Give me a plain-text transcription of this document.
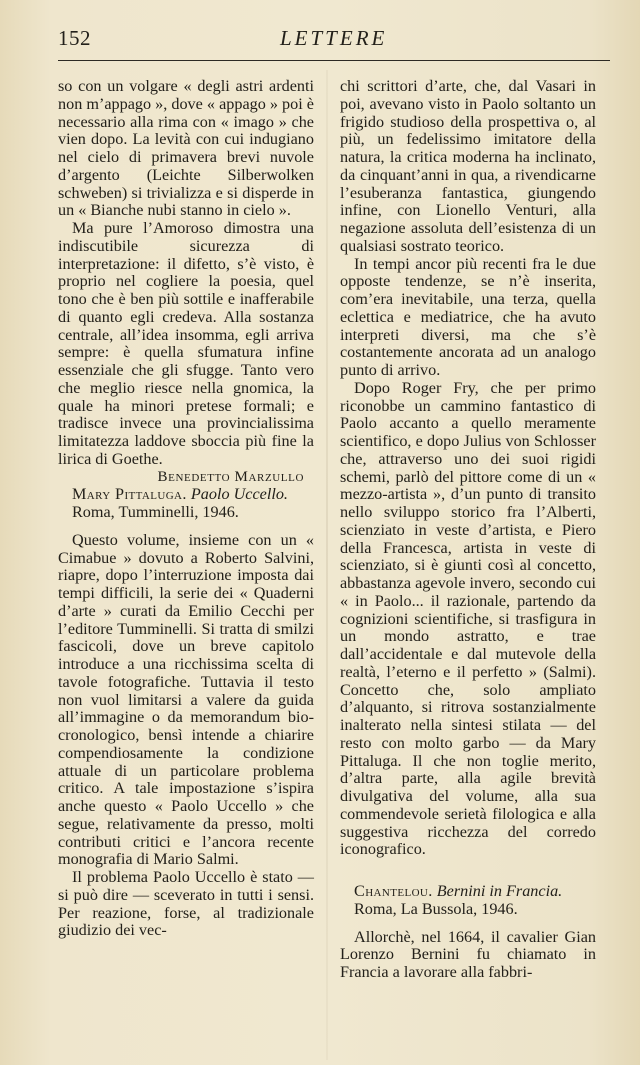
152	LETTERE

so con un volgare « degli astri ardenti non m’appago », dove « appago » poi è necessario alla rima con « imago » che vien dopo. La levità con cui indugiano nel cielo di primavera brevi nuvole d’argento (Leichte Silberwolken schweben) si trivializza e si disperde in un « Bianche nubi stanno in cielo ».

Ma pure l’Amoroso dimostra una indiscutibile sicurezza di interpretazione: il difetto, s’è visto, è proprio nel cogliere la poesia, quel tono che è ben più sottile e inafferabile di quanto egli credeva. Alla sostanza centrale, all’idea insomma, egli arriva sempre: è quella sfumatura infine essenziale che gli sfugge. Tanto vero che meglio riesce nella gnomica, la quale ha minori pretese formali; e tradisce invece una provincialissima limitatezza laddove sboccia più fine la lirica di Goethe.

Benedetto Marzullo

Mary Pittaluga. Paolo Uccello. Roma, Tumminelli, 1946.

Questo volume, insieme con un « Cimabue » dovuto a Roberto Salvini, riapre, dopo l’interruzione imposta dai tempi difficili, la serie dei « Quaderni d’arte » curati da Emilio Cecchi per l’editore Tumminelli. Si tratta di smilzi fascicoli, dove un breve capitolo introduce a una ricchissima scelta di tavole fotografiche. Tuttavia il testo non vuol limitarsi a valere da guida all’immagine o da memorandum bio-cronologico, bensì intende a chiarire compendiosamente la condizione attuale di un particolare problema critico. A tale impostazione s’ispira anche questo « Paolo Uccello » che segue, relativamente da presso, molti contributi critici e l’ancora recente monografia di Mario Salmi.

Il problema Paolo Uccello è stato — si può dire — sceverato in tutti i sensi. Per reazione, forse, al tradizionale giudizio dei vec-

chi scrittori d’arte, che, dal Vasari in poi, avevano visto in Paolo soltanto un frigido studioso della prospettiva o, al più, un fedelissimo imitatore della natura, la critica moderna ha inclinato, da cinquant’anni in qua, a rivendicarne l’esuberanza fantastica, giungendo infine, con Lionello Venturi, alla negazione assoluta dell’esistenza di un qualsiasi sostrato teorico.

In tempi ancor più recenti fra le due opposte tendenze, se n’è inserita, com’era inevitabile, una terza, quella eclettica e mediatrice, che ha avuto interpreti diversi, ma che s’è costantemente ancorata ad un analogo punto di arrivo.

Dopo Roger Fry, che per primo riconobbe un cammino fantastico di Paolo accanto a quello meramente scientifico, e dopo Julius von Schlosser che, attraverso uno dei suoi rigidi schemi, parlò del pittore come di un « mezzo-artista », d’un punto di transito nello sviluppo storico fra l’Alberti, scienziato in veste d’artista, e Piero della Francesca, artista in veste di scienziato, si è giunti così al concetto, abbastanza agevole invero, secondo cui « in Paolo... il razionale, partendo da cognizioni scientifiche, si trasfigura in un mondo astratto, e trae dall’accidentale e dal mutevole della realtà, l’eterno e il perfetto » (Salmi). Concetto che, solo ampliato d’alquanto, si ritrova sostanzialmente inalterato nella sintesi stilata — del resto con molto garbo — da Mary Pittaluga. Il che non toglie merito, d’altra parte, alla agile brevità divulgativa del volume, alla sua commendevole serietà filologica e alla suggestiva ricchezza del corredo iconografico.

Chantelou. Bernini in Francia. Roma, La Bussola, 1946.

Allorchè, nel 1664, il cavalier Gian Lorenzo Bernini fu chiamato in Francia a lavorare alla fabbri-
